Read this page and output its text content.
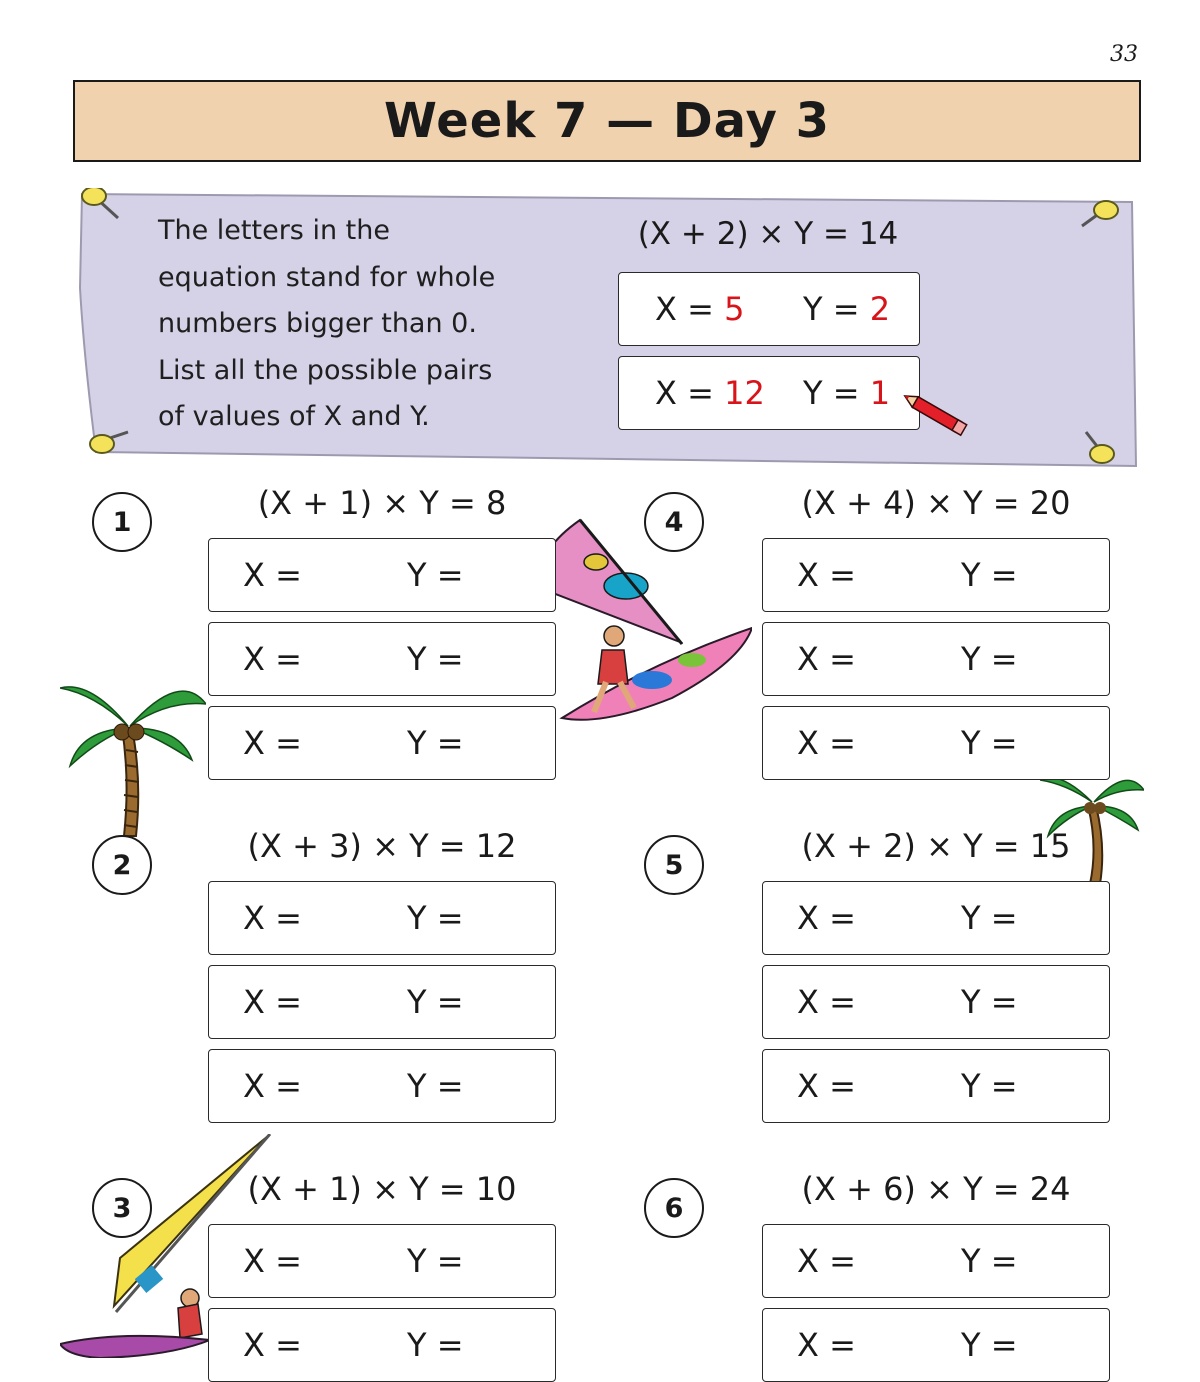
33
Week 7 — Day 3
The letters in the
equation stand for whole
numbers bigger than 0.
List all the possible pairs
of values of X and Y.
(X + 2) × Y = 14
X = 5 Y = 2
X = 12 Y = 1
1	(X + 1) × Y = 8
X =	Y =
X =	Y =
X =	Y =
2	(X + 3) × Y = 12
X =	Y =
X =	Y =
X =	Y =
3	(X + 1) × Y = 10
X =	Y =
X =	Y =
4	(X + 4) × Y = 20
X =	Y =
X =	Y =
X =	Y =
5	(X + 2) × Y = 15
X =	Y =
X =	Y =
X =	Y =
6	(X + 6) × Y = 24
X =	Y =
X =	Y =
